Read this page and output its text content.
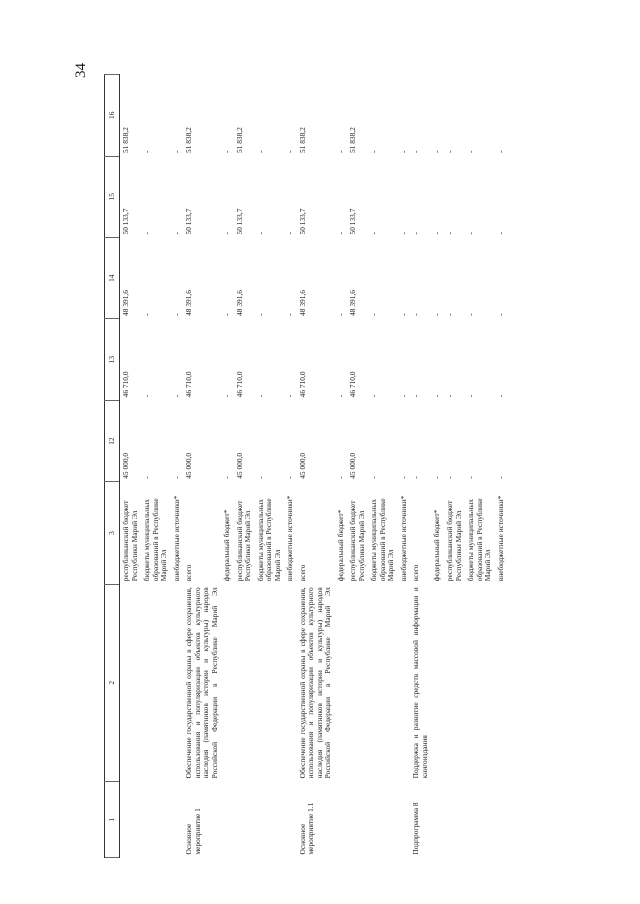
34
1	2	3	12	13	14	15	16
		республиканский бюджет Республики Марий Эл	45 000,0	46 710,0	48 391,6	50 133,7	51 838,2
		бюджеты муниципальных образований в Республике Марий Эл	-	-	-	-	-
		внебюджетные источники*	-	-	-	-	-
Основное мероприятие 1	Обеспечение государственной охраны в сфере сохранения, использования и популяризации объектов культурного наследия (памятников истории и культуры) народов Российской Федерации в Республике Марий Эл	всего	45 000,0	46 710,0	48 391,6	50 133,7	51 838,2
		федеральный бюджет*	-	-	-	-	-
		республиканский бюджет Республики Марий Эл	45 000,0	46 710,0	48 391,6	50 133,7	51 838,2
		бюджеты муниципальных образований в Республике Марий Эл	-	-	-	-	-
		внебюджетные источники*	-	-	-	-	-
Основное мероприятие 1.1	Обеспечение государственной охраны в сфере сохранения, использования и популяризации объектов культурного наследия (памятников истории и культуры) народов Российской Федерации в Республике Марий Эл	всего	45 000,0	46 710,0	48 391,6	50 133,7	51 838,2
		федеральный бюджет*	-	-	-	-	-
		республиканский бюджет Республики Марий Эл	45 000,0	46 710,0	48 391,6	50 133,7	51 838,2
		бюджеты муниципальных образований в Республике Марий Эл	-	-	-	-	-
		внебюджетные источники*	-	-	-	-	-
Подпрограмма 8	Поддержка и развитие средств массовой информации и книгоиздания	всего	-	-	-	-	-
		федеральный бюджет*	-	-	-	-	-
		республиканский бюджет Республики Марий Эл	-	-	-	-	-
		бюджеты муниципальных образований в Республике Марий Эл	-	-	-	-	-
		внебюджетные источники*	-	-	-	-	-
